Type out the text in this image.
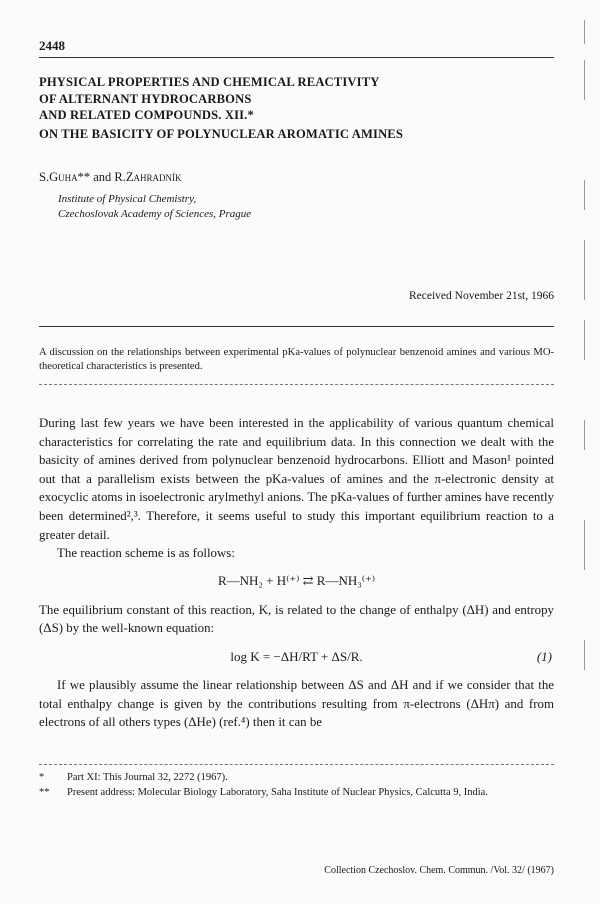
2448
PHYSICAL PROPERTIES AND CHEMICAL REACTIVITY
OF ALTERNANT HYDROCARBONS
AND RELATED COMPOUNDS. XII.*
ON THE BASICITY OF POLYNUCLEAR AROMATIC AMINES
S.Guha** and R.Zahradník
Institute of Physical Chemistry,
Czechoslovak Academy of Sciences, Prague
Received November 21st, 1966
A discussion on the relationships between experimental pKa-values of polynuclear benzenoid amines and various MO-theoretical characteristics is presented.

During last few years we have been interested in the applicability of various quantum chemical characteristics for correlating the rate and equilibrium data. In this connection we dealt with the basicity of amines derived from polynuclear benzenoid hydrocarbons. Elliott and Mason¹ pointed out that a parallelism exists between the pKa-values of amines and the π-electronic density at exocyclic atoms in isoelectronic arylmethyl anions. The pKa-values of further amines have recently been determined²,³. Therefore, it seems useful to study this important equilibrium reaction to a greater detail.

The reaction scheme is as follows:

R—NH₂ + H⁽⁺⁾ ⇄ R—NH₃⁽⁺⁾

The equilibrium constant of this reaction, K, is related to the change of enthalpy (ΔH) and entropy (ΔS) by the well-known equation:

log K = −ΔH/RT + ΔS/R.	(1)

If we plausibly assume the linear relationship between ΔS and ΔH and if we consider that the total enthalpy change is given by the contributions resulting from π-electrons (ΔHπ) and from electrons of all others types (ΔHe) (ref.⁴) then it can be

*	Part XI: This Journal 32, 2272 (1967).
**	Present address: Molecular Biology Laboratory, Saha Institute of Nuclear Physics, Calcutta 9, India.
Collection Czechoslov. Chem. Commun. /Vol. 32/ (1967)
